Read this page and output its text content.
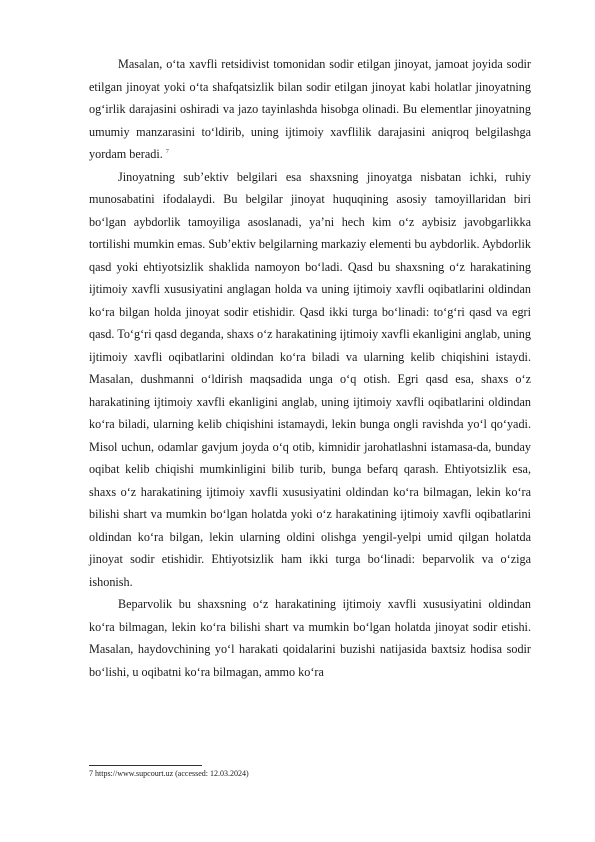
Masalan, o‘ta xavfli retsidivist tomonidan sodir etilgan jinoyat, jamoat joyida sodir etilgan jinoyat yoki o‘ta shafqatsizlik bilan sodir etilgan jinoyat kabi holatlar jinoyatning og‘irlik darajasini oshiradi va jazo tayinlashda hisobga olinadi. Bu elementlar jinoyatning umumiy manzarasini to‘ldirib, uning ijtimoiy xavflilik darajasini aniqroq belgilashga yordam beradi. $^7$

Jinoyatning sub’ektiv belgilari esa shaxsning jinoyatga nisbatan ichki, ruhiy munosabatini ifodalaydi. Bu belgilar jinoyat huquqining asosiy tamoyillaridan biri bo‘lgan aybdorlik tamoyiliga asoslanadi, ya’ni hech kim o‘z aybisiz javobgarlikka tortilishi mumkin emas. Sub’ektiv belgilarning markaziy elementi bu aybdorlik. Aybdorlik qasd yoki ehtiyotsizlik shaklida namoyon bo‘ladi. Qasd bu shaxsning o‘z harakatining ijtimoiy xavfli xususiyatini anglagan holda va uning ijtimoiy xavfli oqibatlarini oldindan ko‘ra bilgan holda jinoyat sodir etishidir. Qasd ikki turga bo‘linadi: to‘g‘ri qasd va egri qasd. To‘g‘ri qasd deganda, shaxs o‘z harakatining ijtimoiy xavfli ekanligini anglab, uning ijtimoiy xavfli oqibatlarini oldindan ko‘ra biladi va ularning kelib chiqishini istaydi. Masalan, dushmanni o‘ldirish maqsadida unga o‘q otish. Egri qasd esa, shaxs o‘z harakatining ijtimoiy xavfli ekanligini anglab, uning ijtimoiy xavfli oqibatlarini oldindan ko‘ra biladi, ularning kelib chiqishini istamaydi, lekin bunga ongli ravishda yo‘l qo‘yadi. Misol uchun, odamlar gavjum joyda o‘q otib, kimnidir jarohatlashni istamasa-da, bunday oqibat kelib chiqishi mumkinligini bilib turib, bunga befarq qarash. Ehtiyotsizlik esa, shaxs o‘z harakatining ijtimoiy xavfli xususiyatini oldindan ko‘ra bilmagan, lekin ko‘ra bilishi shart va mumkin bo‘lgan holatda yoki o‘z harakatining ijtimoiy xavfli oqibatlarini oldindan ko‘ra bilgan, lekin ularning oldini olishga yengil-yelpi umid qilgan holatda jinoyat sodir etishidir. Ehtiyotsizlik ham ikki turga bo‘linadi: beparvolik va o‘ziga ishonish.

Beparvolik bu shaxsning o‘z harakatining ijtimoiy xavfli xususiyatini oldindan ko‘ra bilmagan, lekin ko‘ra bilishi shart va mumkin bo‘lgan holatda jinoyat sodir etishi. Masalan, haydovchining yo‘l harakati qoidalarini buzishi natijasida baxtsiz hodisa sodir bo‘lishi, u oqibatni ko‘ra bilmagan, ammo ko‘ra

7 https://www.supcourt.uz (accessed: 12.03.2024)
